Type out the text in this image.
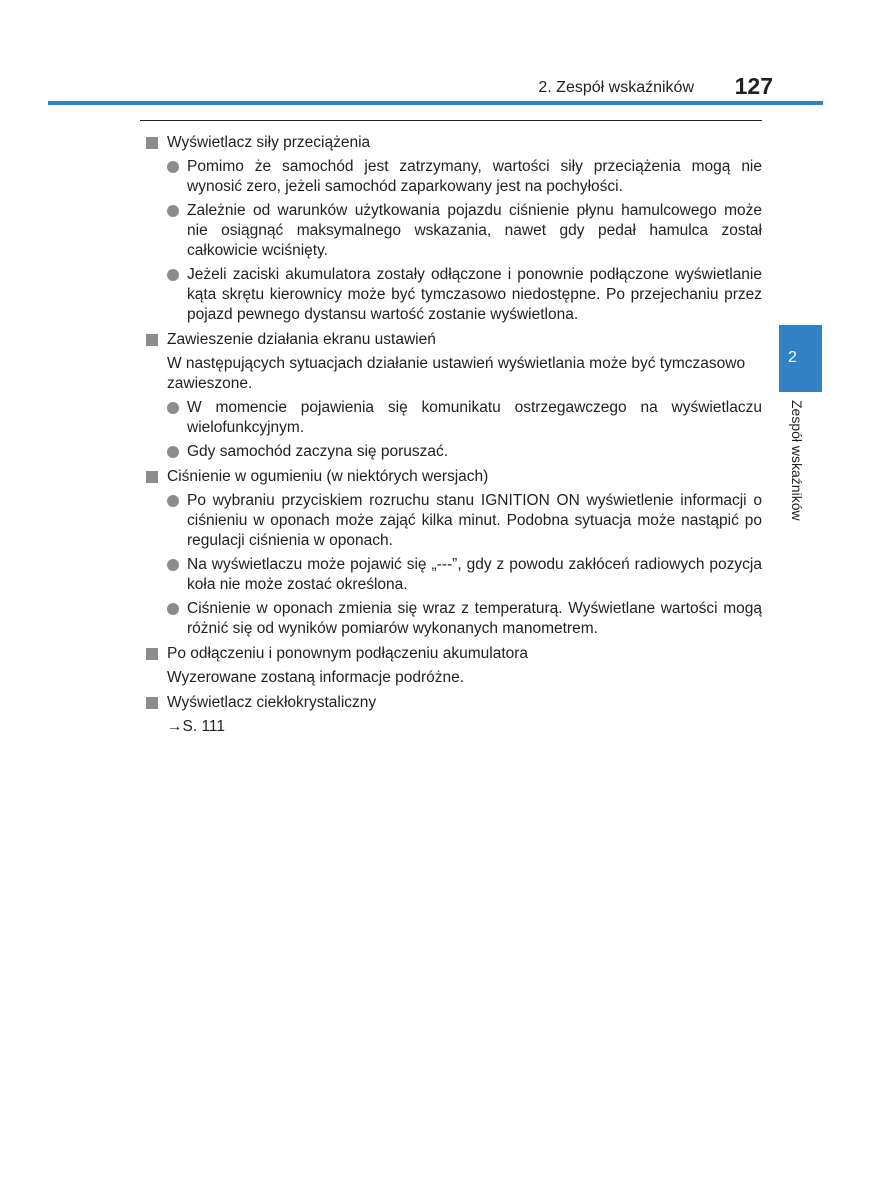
2. Zespół wskaźników 127
Wyświetlacz siły przeciążenia
Pomimo że samochód jest zatrzymany, wartości siły przeciążenia mogą nie wynosić zero, jeżeli samochód zaparkowany jest na pochyłości.
Zależnie od warunków użytkowania pojazdu ciśnienie płynu hamulcowego może nie osiągnąć maksymalnego wskazania, nawet gdy pedał hamulca został całkowicie wciśnięty.
Jeżeli zaciski akumulatora zostały odłączone i ponownie podłączone wyświetlanie kąta skrętu kierownicy może być tymczasowo niedostępne. Po przejechaniu przez pojazd pewnego dystansu wartość zostanie wyświetlona.
Zawieszenie działania ekranu ustawień
W następujących sytuacjach działanie ustawień wyświetlania może być tymczasowo zawieszone.
W momencie pojawienia się komunikatu ostrzegawczego na wyświetlaczu wielofunkcyjnym.
Gdy samochód zaczyna się poruszać.
Ciśnienie w ogumieniu (w niektórych wersjach)
Po wybraniu przyciskiem rozruchu stanu IGNITION ON wyświetlenie informacji o ciśnieniu w oponach może zająć kilka minut. Podobna sytuacja może nastąpić po regulacji ciśnienia w oponach.
Na wyświetlaczu może pojawić się „---”, gdy z powodu zakłóceń radiowych pozycja koła nie może zostać określona.
Ciśnienie w oponach zmienia się wraz z temperaturą. Wyświetlane wartości mogą różnić się od wyników pomiarów wykonanych manometrem.
Po odłączeniu i ponownym podłączeniu akumulatora
Wyzerowane zostaną informacje podróżne.
Wyświetlacz ciekłokrystaliczny
→S. 111
2
Zespół wskaźników
